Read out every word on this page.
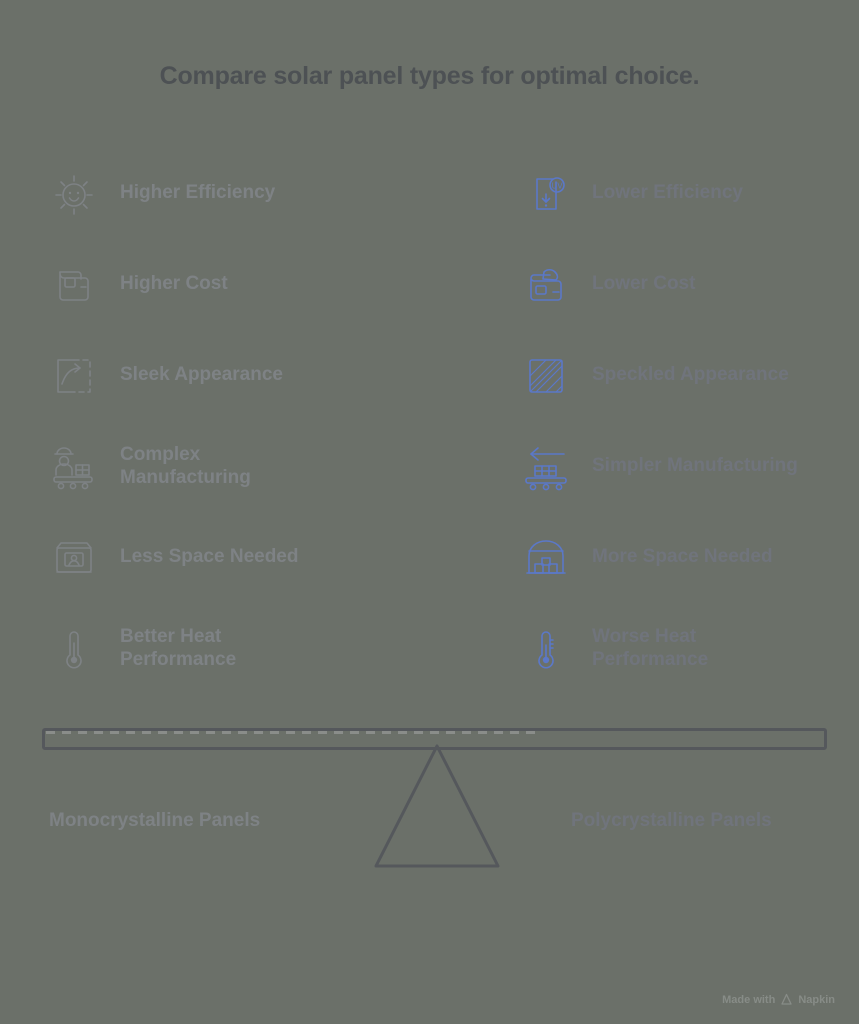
Compare solar panel types for optimal choice.
Higher Efficiency
Higher Cost
Sleek Appearance
Complex Manufacturing
Less Space Needed
Better Heat Performance
UV Lower Efficiency
Lower Cost
Speckled Appearance
Simpler Manufacturing
More Space Needed
Worse Heat Performance
Monocrystalline Panels	Polycrystalline Panels
Made with Napkin
